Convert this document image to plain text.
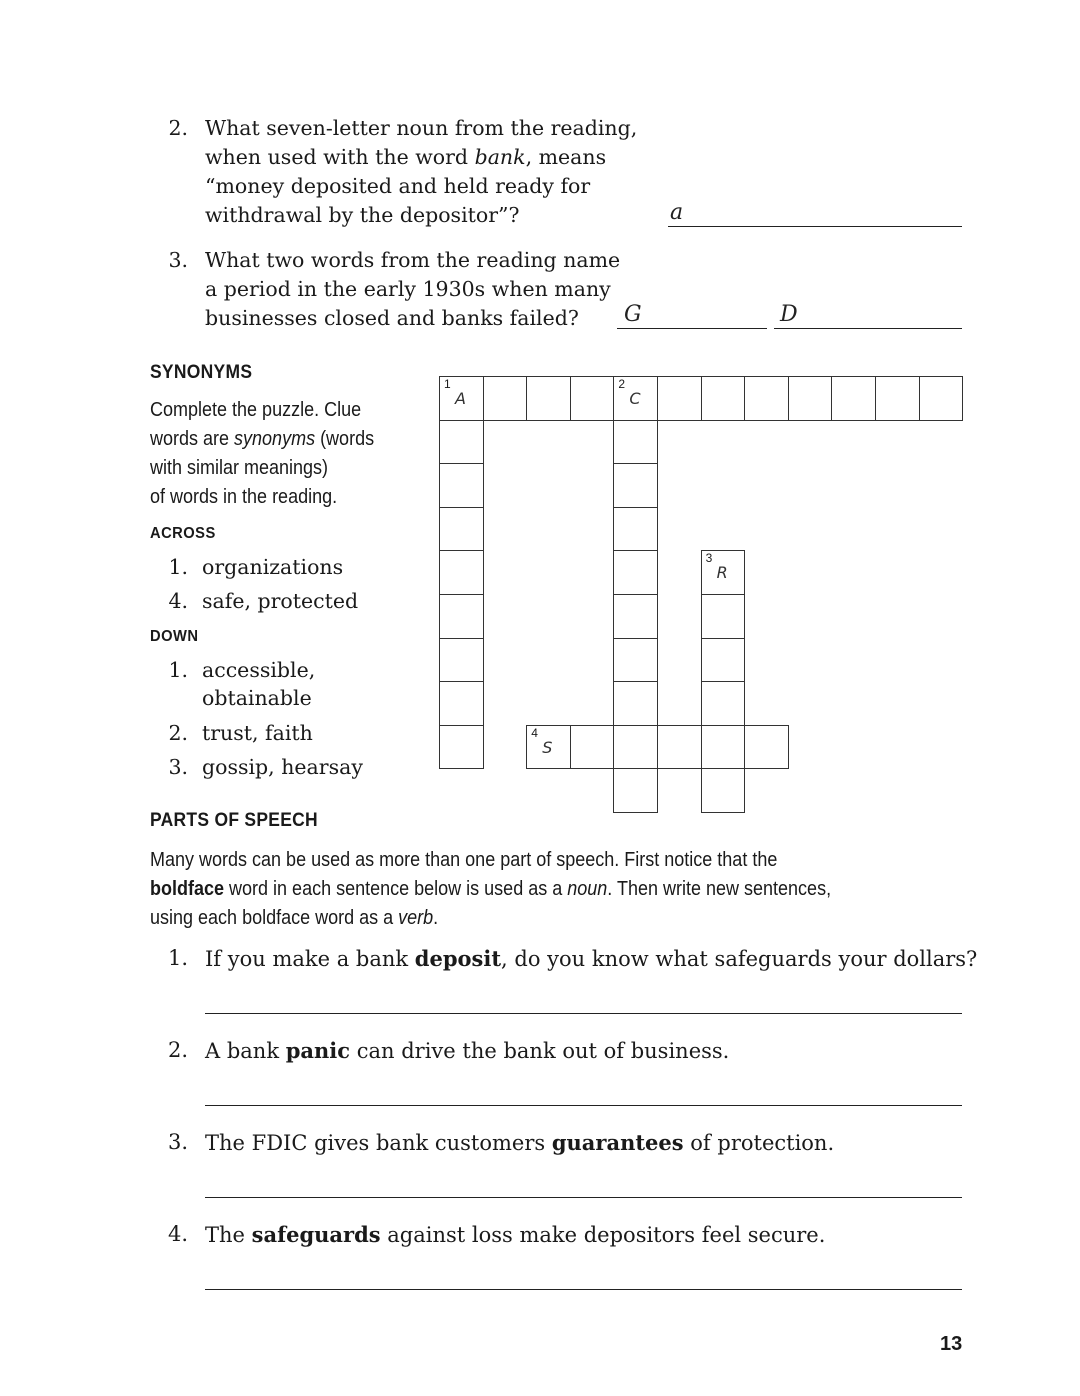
2. What seven-letter noun from the reading,
when used with the word bank, means
“money deposited and held ready for
withdrawal by the depositor”?	a
3. What two words from the reading name
a period in the early 1930s when many
businesses closed and banks failed? G	D
SYNONYMS
Complete the puzzle. Clue
words are synonyms (words
with similar meanings)
of words in the reading.
ACROSS
1. organizations
4. safe, protected
DOWN
1. accessible,
obtainable
2. trust, faith
3. gossip, hearsay
1
A
2
C
3
R
4
S
PARTS OF SPEECH
Many words can be used as more than one part of speech. First notice that the
boldface word in each sentence below is used as a noun. Then write new sentences,
using each boldface word as a verb.
1. If you make a bank deposit, do you know what safeguards your dollars?
2. A bank panic can drive the bank out of business.
3. The FDIC gives bank customers guarantees of protection.
4. The safeguards against loss make depositors feel secure.
13
